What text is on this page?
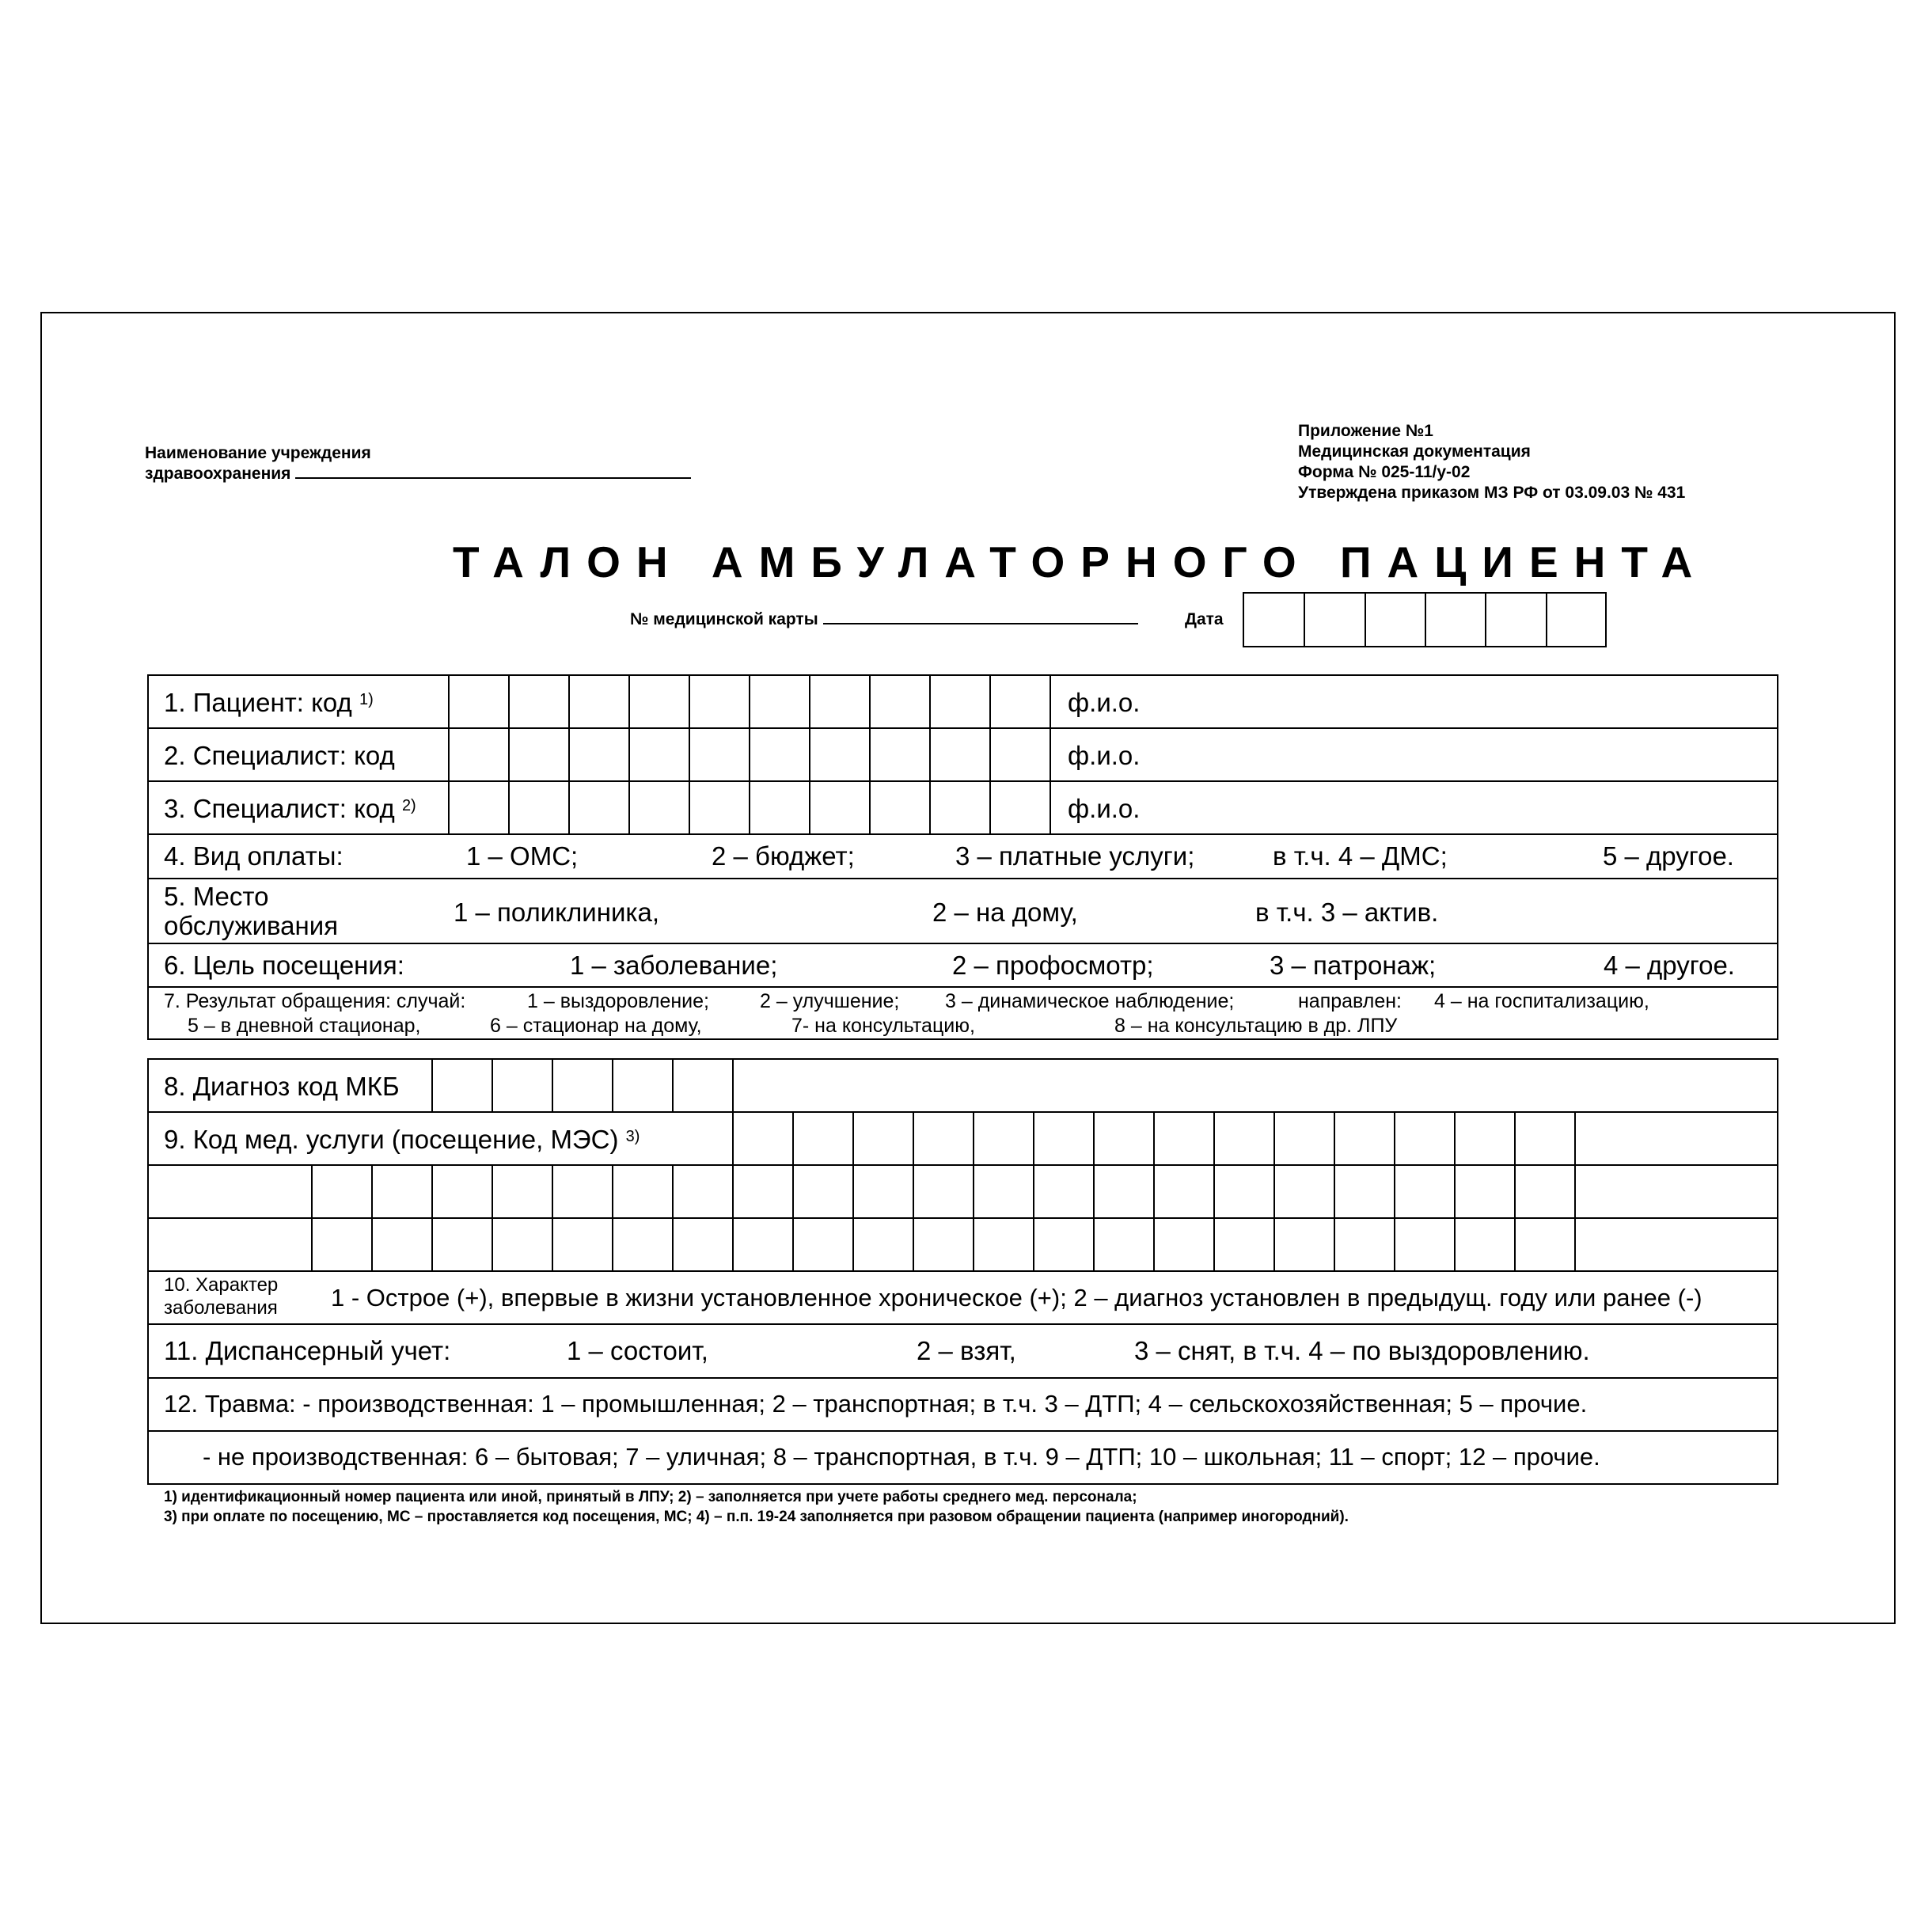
Наименование учреждения
здравоохранения
Приложение №1
Медицинская документация
Форма № 025-11/у-02
Утверждена приказом МЗ РФ от 03.09.03 № 431
ТАЛОН АМБУЛАТОРНОГО ПАЦИЕНТА
№ медицинской карты	Дата
1. Пациент: код $^{1)}$	ф.и.о.
2. Специалист: код	ф.и.о.
3. Специалист: код $^{2)}$	ф.и.о.
4. Вид оплаты:	1 – ОМС;	2 – бюджет;	3 – платные услуги;	в т.ч. 4 – ДМС;	5 – другое.
5. Место
обслуживания	1 – поликлиника,	2 – на дому,	в т.ч. 3 – актив.
6. Цель посещения:	1 – заболевание;	2 – профосмотр;	3 – патронаж;	4 – другое.
7. Результат обращения: случай:	1 – выздоровление;	2 – улучшение; 3 – динамическое наблюдение;	направлен: 4 – на госпитализацию,
5 – в дневной стационар,	6 – стационар на дому,	7- на консультацию,	8 – на консультацию в др. ЛПУ
8. Диагноз код МКБ
9. Код мед. услуги (посещение, МЭС) $^{3)}$
10. Характер
заболевания 1 - Острое (+), впервые в жизни установленное хроническое (+); 2 – диагноз установлен в предыдущ. году или ранее (-)
11. Диспансерный учет:	1 – состоит,	2 – взят,	3 – снят, в т.ч. 4 – по выздоровлению.
12. Травма: - производственная: 1 – промышленная; 2 – транспортная; в т.ч. 3 – ДТП; 4 – сельскохозяйственная; 5 – прочие.
- не производственная: 6 – бытовая; 7 – уличная; 8 – транспортная, в т.ч. 9 – ДТП; 10 – школьная; 11 – спорт; 12 – прочие.
1) идентификационный номер пациента или иной, принятый в ЛПУ; 2) – заполняется при учете работы среднего мед. персонала;
3) при оплате по посещению, МС – проставляется код посещения, МС; 4) – п.п. 19-24 заполняется при разовом обращении пациента (например иногородний).
